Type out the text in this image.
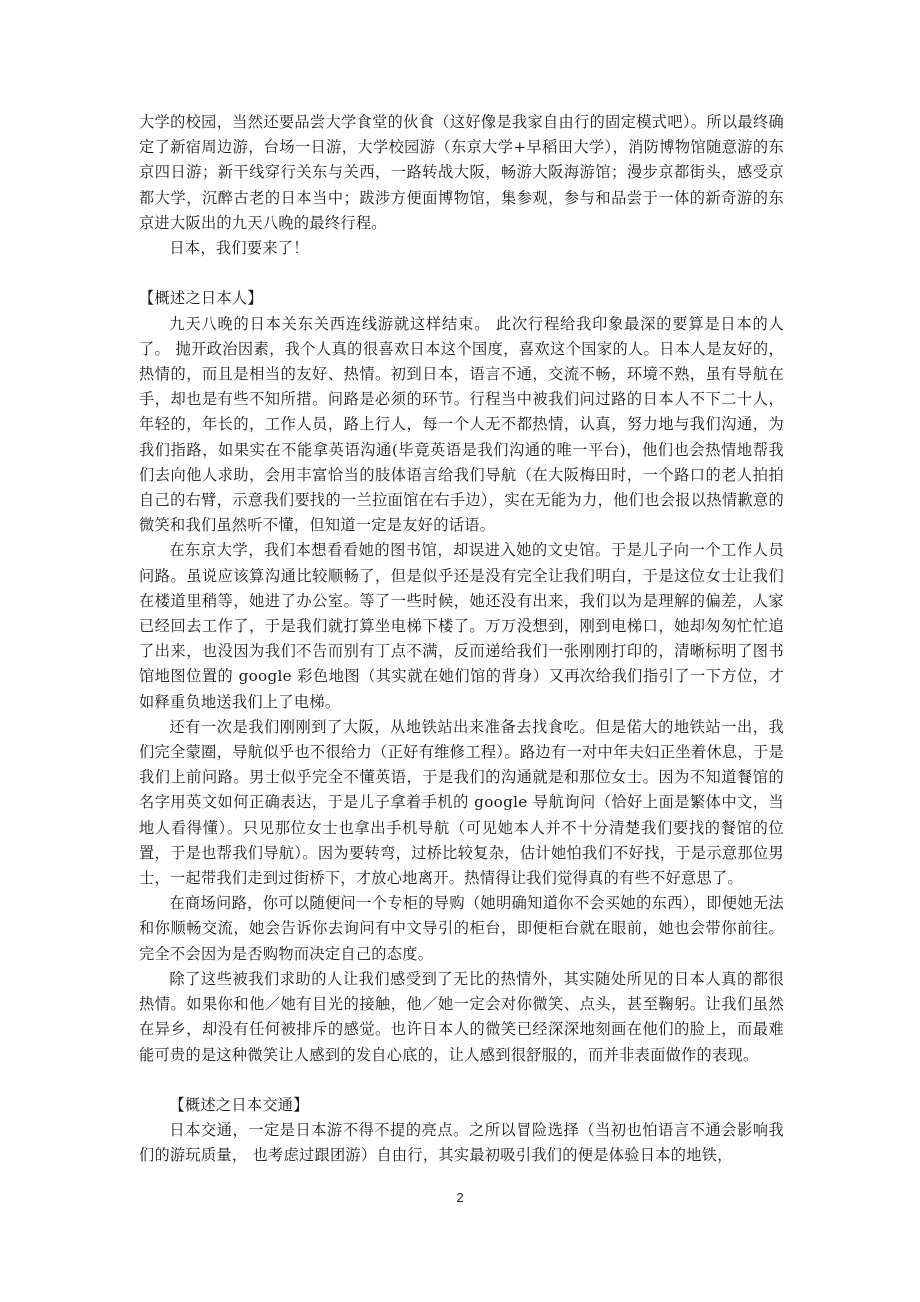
大学的校园，当然还要品尝大学食堂的伙食（这好像是我家自由行的固定模式吧）。所以最终确定了新宿周边游，台场一日游，大学校园游（东京大学+早稻田大学），消防博物馆随意游的东京四日游；新干线穿行关东与关西，一路转战大阪，畅游大阪海游馆；漫步京都街头，感受京都大学，沉醉古老的日本当中；跋涉方便面博物馆，集参观，参与和品尝于一体的新奇游的东京进大阪出的九天八晚的最终行程。

日本，我们要来了！

【概述之日本人】

九天八晚的日本关东关西连线游就这样结束。 此次行程给我印象最深的要算是日本的人了。 抛开政治因素，我个人真的很喜欢日本这个国度，喜欢这个国家的人。日本人是友好的，热情的，而且是相当的友好、热情。初到日本，语言不通，交流不畅，环境不熟，虽有导航在手，却也是有些不知所措。问路是必须的环节。行程当中被我们问过路的日本人不下二十人，年轻的，年长的，工作人员，路上行人，每一个人无不都热情，认真，努力地与我们沟通，为我们指路，如果实在不能拿英语沟通(毕竟英语是我们沟通的唯一平台)，他们也会热情地帮我们去向他人求助，会用丰富恰当的肢体语言给我们导航（在大阪梅田时，一个路口的老人拍拍自己的右臂，示意我们要找的一兰拉面馆在右手边），实在无能为力，他们也会报以热情歉意的微笑和我们虽然听不懂，但知道一定是友好的话语。

在东京大学，我们本想看看她的图书馆，却误进入她的文史馆。于是儿子向一个工作人员问路。虽说应该算沟通比较顺畅了，但是似乎还是没有完全让我们明白，于是这位女士让我们在楼道里稍等，她进了办公室。等了一些时候，她还没有出来，我们以为是理解的偏差，人家已经回去工作了，于是我们就打算坐电梯下楼了。万万没想到，刚到电梯口，她却匆匆忙忙追了出来，也没因为我们不告而别有丁点不满，反而递给我们一张刚刚打印的，清晰标明了图书馆地图位置的 google 彩色地图（其实就在她们馆的背身）又再次给我们指引了一下方位，才如释重负地送我们上了电梯。

还有一次是我们刚刚到了大阪，从地铁站出来准备去找食吃。但是偌大的地铁站一出，我们完全蒙圈，导航似乎也不很给力（正好有维修工程）。路边有一对中年夫妇正坐着休息，于是我们上前问路。男士似乎完全不懂英语，于是我们的沟通就是和那位女士。因为不知道餐馆的名字用英文如何正确表达，于是儿子拿着手机的 google 导航询问（恰好上面是繁体中文，当地人看得懂）。只见那位女士也拿出手机导航（可见她本人并不十分清楚我们要找的餐馆的位置，于是也帮我们导航）。因为要转弯，过桥比较复杂，估计她怕我们不好找，于是示意那位男士，一起带我们走到过街桥下，才放心地离开。热情得让我们觉得真的有些不好意思了。

在商场问路，你可以随便问一个专柜的导购（她明确知道你不会买她的东西），即便她无法和你顺畅交流，她会告诉你去询问有中文导引的柜台，即便柜台就在眼前，她也会带你前往。完全不会因为是否购物而决定自己的态度。

除了这些被我们求助的人让我们感受到了无比的热情外，其实随处所见的日本人真的都很热情。如果你和他／她有目光的接触，他／她一定会对你微笑、点头，甚至鞠躬。让我们虽然在异乡，却没有任何被排斥的感觉。也许日本人的微笑已经深深地刻画在他们的脸上，而最难能可贵的是这种微笑让人感到的发自心底的，让人感到很舒服的，而并非表面做作的表现。

【概述之日本交通】

日本交通，一定是日本游不得不提的亮点。之所以冒险选择（当初也怕语言不通会影响我们的游玩质量， 也考虑过跟团游）自由行，其实最初吸引我们的便是体验日本的地铁，

2
